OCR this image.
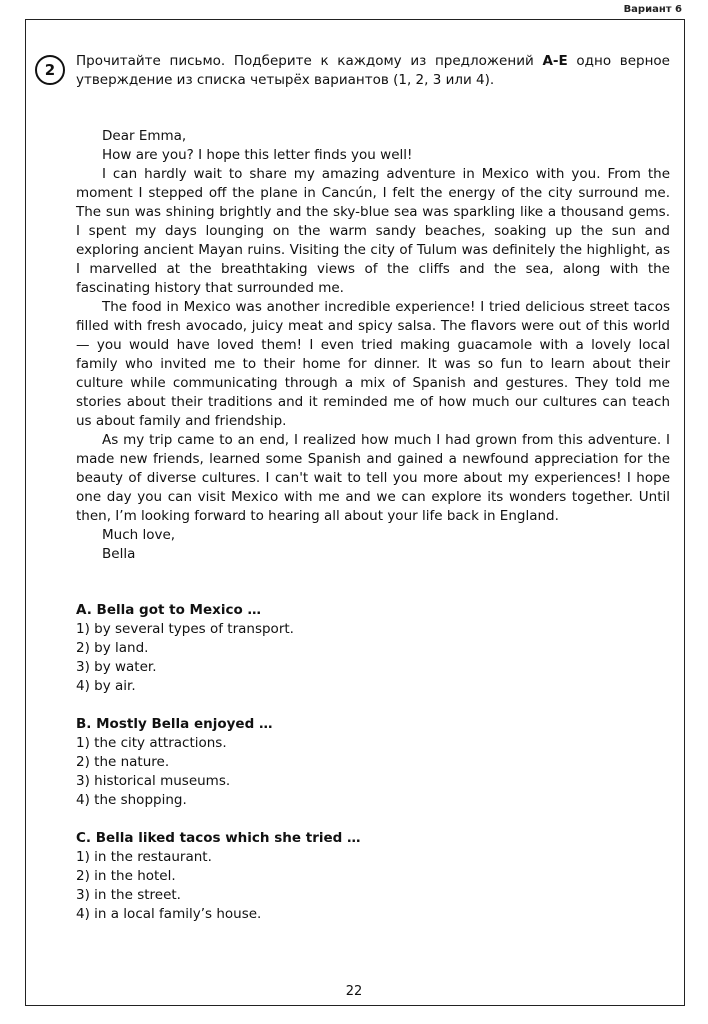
Вариант 6
2	Прочитайте письмо. Подберите к каждому из предложений A-E одно верное утверждение из списка четырёх вариантов (1, 2, 3 или 4).

Dear Emma,

How are you? I hope this letter finds you well!

I can hardly wait to share my amazing adventure in Mexico with you. From the moment I stepped off the plane in Cancún, I felt the energy of the city surround me. The sun was shining brightly and the sky-blue sea was sparkling like a thousand gems. I spent my days lounging on the warm sandy beaches, soaking up the sun and exploring ancient Mayan ruins. Visiting the city of Tulum was definitely the highlight, as I marvelled at the breathtaking views of the cliffs and the sea, along with the fascinating history that surrounded me.

The food in Mexico was another incredible experience! I tried delicious street tacos filled with fresh avocado, juicy meat and spicy salsa. The flavors were out of this world — you would have loved them! I even tried making guacamole with a lovely local family who invited me to their home for dinner. It was so fun to learn about their culture while communicating through a mix of Spanish and gestures. They told me stories about their traditions and it reminded me of how much our cultures can teach us about family and friendship.

As my trip came to an end, I realized how much I had grown from this adventure. I made new friends, learned some Spanish and gained a newfound appreciation for the beauty of diverse cultures. I can't wait to tell you more about my experiences! I hope one day you can visit Mexico with me and we can explore its wonders together. Until then, I’m looking forward to hearing all about your life back in England.

Much love,

Bella

A. Bella got to Mexico …
1) by several types of transport.
2) by land.
3) by water.
4) by air.
B. Mostly Bella enjoyed …
1) the city attractions.
2) the nature.
3) historical museums.
4) the shopping.
C. Bella liked tacos which she tried …
1) in the restaurant.
2) in the hotel.
3) in the street.
4) in a local family’s house.
22
